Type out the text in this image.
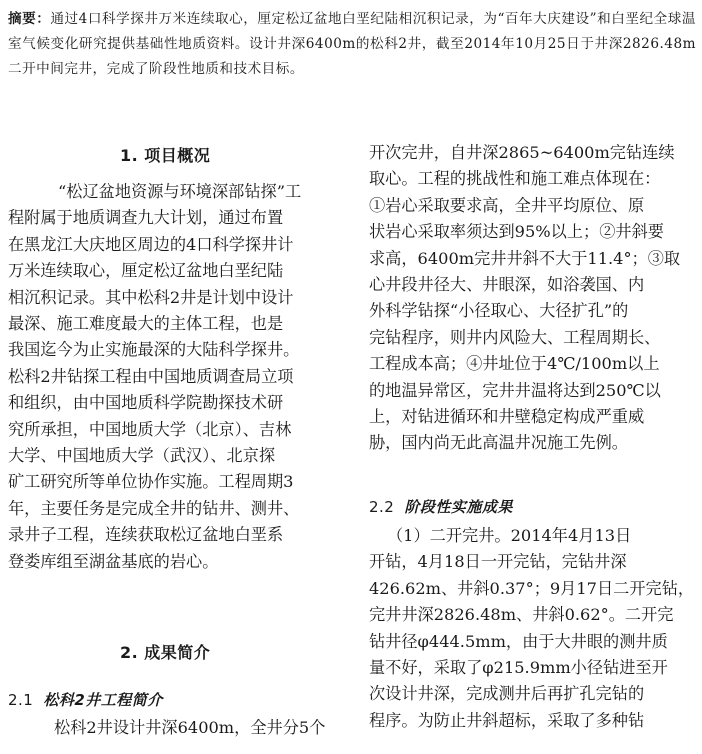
摘要：通过4口科学探井万米连续取心，厘定松辽盆地白垩纪陆相沉积记录，为“百年大庆建设”和白垩纪全球温室气候变化研究提供基础性地质资料。设计井深6400m的松科2井，截至2014年10月25日于井深2826.48m二开中间完井，完成了阶段性地质和技术目标。
1. 项目概况
“松辽盆地资源与环境深部钻探”工
程附属于地质调查九大计划，通过布置
在黑龙江大庆地区周边的4口科学探井计
万米连续取心，厘定松辽盆地白垩纪陆
相沉积记录。其中松科2井是计划中设计
最深、施工难度最大的主体工程，也是
我国迄今为止实施最深的大陆科学探井。
松科2井钻探工程由中国地质调查局立项
和组织，由中国地质科学院勘探技术研
究所承担，中国地质大学（北京）、吉林
大学、中国地质大学（武汉）、北京探
矿工研究所等单位协作实施。工程周期3
年，主要任务是完成全井的钻井、测井、
录井子工程，连续获取松辽盆地白垩系
登娄库组至湖盆基底的岩心。
2. 成果简介
2.1 松科2井工程简介
松科2井设计井深6400m，全井分5个
开次完井，自井深2865~6400m完钻连续
取心。工程的挑战性和施工难点体现在：
①岩心采取要求高，全井平均原位、原
状岩心采取率须达到95%以上；②井斜要
求高，6400m完井井斜不大于11.4°；③取
心井段井径大、井眼深，如浴袭国、内
外科学钻探“小径取心、大径扩孔”的
完钻程序，则井内风险大、工程周期长、
工程成本高；④井址位于4℃/100m以上
的地温异常区，完井井温将达到250℃以
上，对钻进循环和井壁稳定构成严重威
胁，国内尚无此高温井况施工先例。
2.2 阶段性实施成果
（1）二开完井。2014年4月13日
开钻，4月18日一开完钻，完钻井深
426.62m、井斜0.37°；9月17日二开完钻，
完井井深2826.48m、井斜0.62°。二开完
钻井径φ444.5mm，由于大井眼的测井质
量不好，采取了φ215.9mm小径钻进至开
次设计井深，完成测井后再扩孔完钻的
程序。为防止井斜超标，采取了多种钻
